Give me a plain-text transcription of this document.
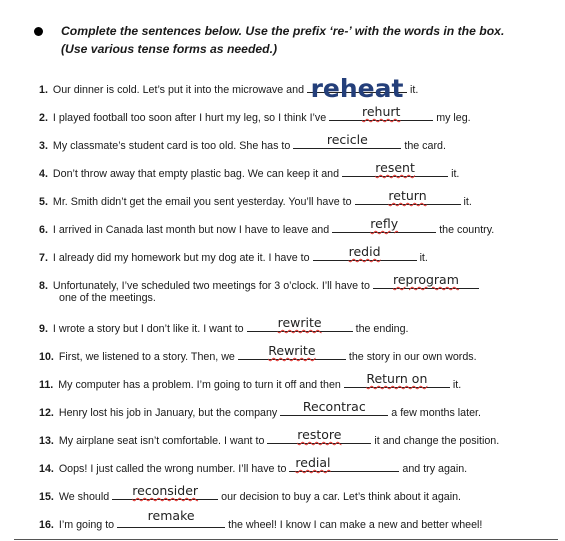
Complete the sentences below. Use the prefix ‘re-’ with the words in the box.
(Use various tense forms as needed.)
1. Our dinner is cold. Let’s put it into the microwave and reheat it.
2. I played football too soon after I hurt my leg, so I think I’ve	rehurt	my leg.
3. My classmate’s student card is too old. She has to	recicle	the card.
4. Don’t throw away that empty plastic bag. We can keep it and	resent	it.
5. Mr. Smith didn’t get the email you sent yesterday. You’ll have to	return	it.
6. I arrived in Canada last month but now I have to leave and	refly	the country.
7. I already did my homework but my dog ate it. I have to	redid	it.
8. Unfortunately, I’ve scheduled two meetings for 3 o’clock. I’ll have to	reprogram
one of the meetings.
9. I wrote a story but I don’t like it. I want to	rewrite	the ending.
10. First, we listened to a story. Then, we	Rewrite	the story in our own words.
11. My computer has a problem. I’m going to turn it off and then	Return on	it.
12. Henry lost his job in January, but the company	Recontrac	a few months later.
13. My airplane seat isn’t comfortable. I want to	restore	it and change the position.
14. Oops! I just called the wrong number. I’ll have to redial	and try again.
15. We should	reconsider	our decision to buy a car. Let’s think about it again.
16. I’m going to
remake
the wheel! I know I can make a new and better wheel!
